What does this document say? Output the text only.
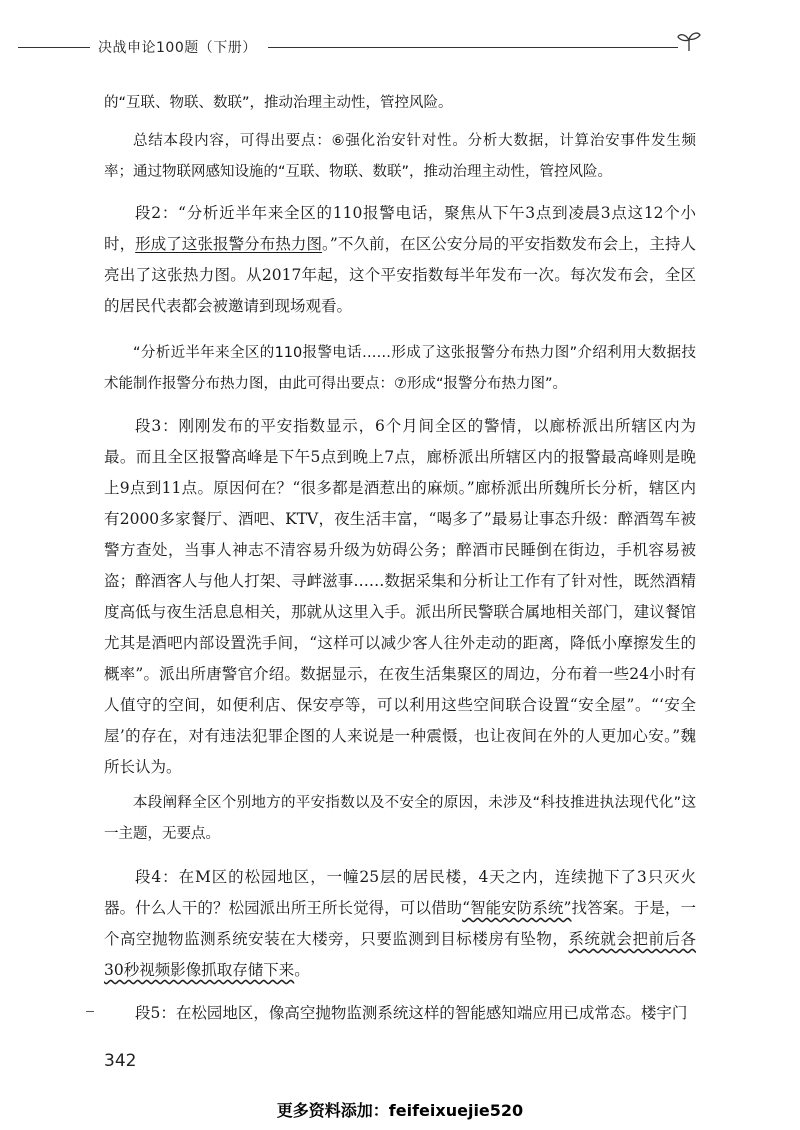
决战申论100题（下册）

的“互联、物联、数联”，推动治理主动性，管控风险。

总结本段内容，可得出要点：⑥强化治安针对性。分析大数据，计算治安事件发生频率；通过物联网感知设施的“互联、物联、数联”，推动治理主动性，管控风险。

段2：“分析近半年来全区的110报警电话，聚焦从下午3点到凌晨3点这12个小时，形成了这张报警分布热力图。”不久前，在区公安分局的平安指数发布会上，主持人亮出了这张热力图。从2017年起，这个平安指数每半年发布一次。每次发布会，全区的居民代表都会被邀请到现场观看。

“分析近半年来全区的110报警电话……形成了这张报警分布热力图”介绍利用大数据技术能制作报警分布热力图，由此可得出要点：⑦形成“报警分布热力图”。

段3：刚刚发布的平安指数显示，6个月间全区的警情，以廊桥派出所辖区内为最。而且全区报警高峰是下午5点到晚上7点，廊桥派出所辖区内的报警最高峰则是晚上9点到11点。原因何在？“很多都是酒惹出的麻烦。”廊桥派出所魏所长分析，辖区内有2000多家餐厅、酒吧、KTV，夜生活丰富，“喝多了”最易让事态升级：醉酒驾车被警方查处，当事人神志不清容易升级为妨碍公务；醉酒市民睡倒在街边，手机容易被盗；醉酒客人与他人打架、寻衅滋事……数据采集和分析让工作有了针对性，既然酒精度高低与夜生活息息相关，那就从这里入手。派出所民警联合属地相关部门，建议餐馆尤其是酒吧内部设置洗手间，“这样可以减少客人往外走动的距离，降低小摩擦发生的概率”。派出所唐警官介绍。数据显示，在夜生活集聚区的周边，分布着一些24小时有人值守的空间，如便利店、保安亭等，可以利用这些空间联合设置“安全屋”。“‘安全屋’的存在，对有违法犯罪企图的人来说是一种震慑，也让夜间在外的人更加心安。”魏所长认为。

本段阐释全区个别地方的平安指数以及不安全的原因，未涉及“科技推进执法现代化”这一主题，无要点。

段4：在M区的松园地区，一幢25层的居民楼，4天之内，连续抛下了3只灭火器。什么人干的？松园派出所王所长觉得，可以借助“智能安防系统”找答案。于是，一个高空抛物监测系统安装在大楼旁，只要监测到目标楼房有坠物，系统就会把前后各30秒视频影像抓取存储下来。

段5：在松园地区，像高空抛物监测系统这样的智能感知端应用已成常态。楼宇门

342
更多资料添加：feifeixuejie520
